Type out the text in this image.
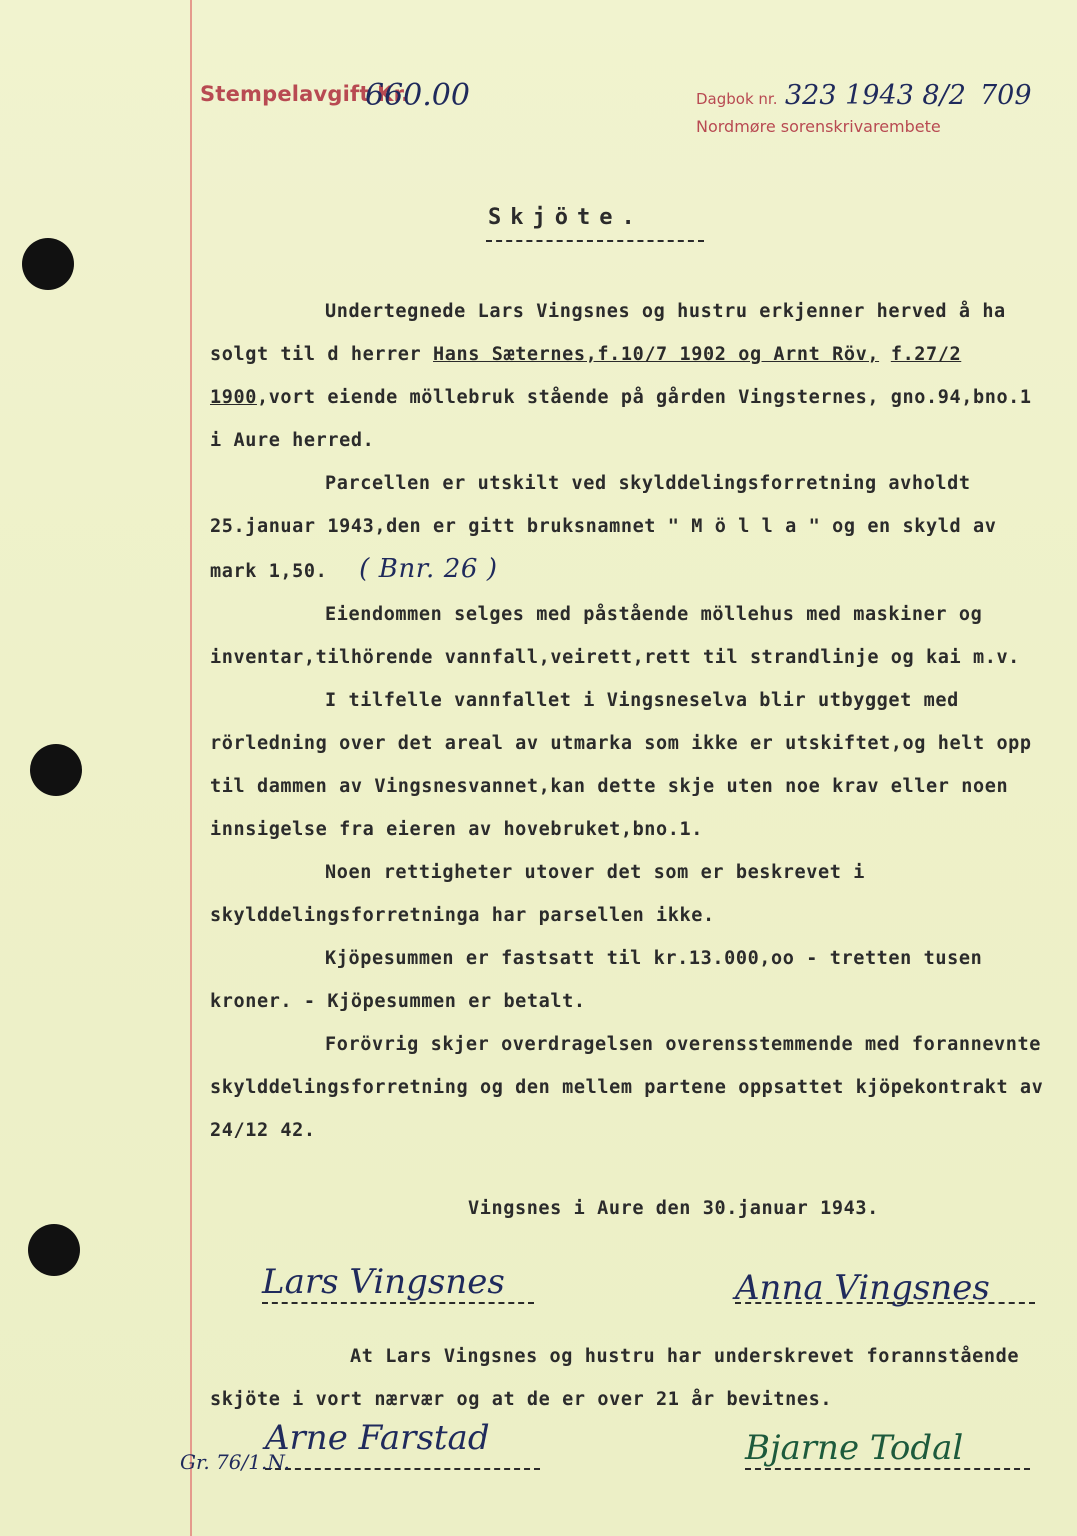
Stempelavgift Kr.
660.00	Dagbok nr. 323 1943 8/2
Nordmøre sorenskrivarembete
709
Skjöte.

Undertegnede Lars Vingsnes og hustru erkjenner herved å ha solgt til d herrer Hans Sæternes,f.10/7 1902 og Arnt Röv, f.27/2 1900,vort eiende möllebruk stående på gården Vingsternes, gno.94,bno.1 i Aure herred.

Parcellen er utskilt ved skylddelingsforretning avholdt 25.januar 1943,den er gitt bruksnamnet " M ö l l a " og en skyld av mark 1,50. ( Bnr. 26 )

Eiendommen selges med påstående möllehus med maskiner og inventar,tilhörende vannfall,veirett,rett til strandlinje og kai m.v.

I tilfelle vannfallet i Vingsneselva blir utbygget med rörledning over det areal av utmarka som ikke er utskiftet,og helt opp til dammen av Vingsnesvannet,kan dette skje uten noe krav eller noen innsigelse fra eieren av hovebruket,bno.1.

Noen rettigheter utover det som er beskrevet i skylddelingsforretninga har parsellen ikke.

Kjöpesummen er fastsatt til kr.13.000,oo - tretten tusen kroner. - Kjöpesummen er betalt.

Forövrig skjer overdragelsen overensstemmende med forannevnte skylddelingsforretning og den mellem partene oppsattet kjöpekontrakt av 24/12 42.

Vingsnes i Aure den 30.januar 1943.
Lars Vingsnes	Anna Vingsnes

At Lars Vingsnes og hustru har underskrevet forannstående skjöte i vort nærvær og at de er over 21 år bevitnes.

Arne Farstad
Gr. 76/1.N.	Bjarne Todal
